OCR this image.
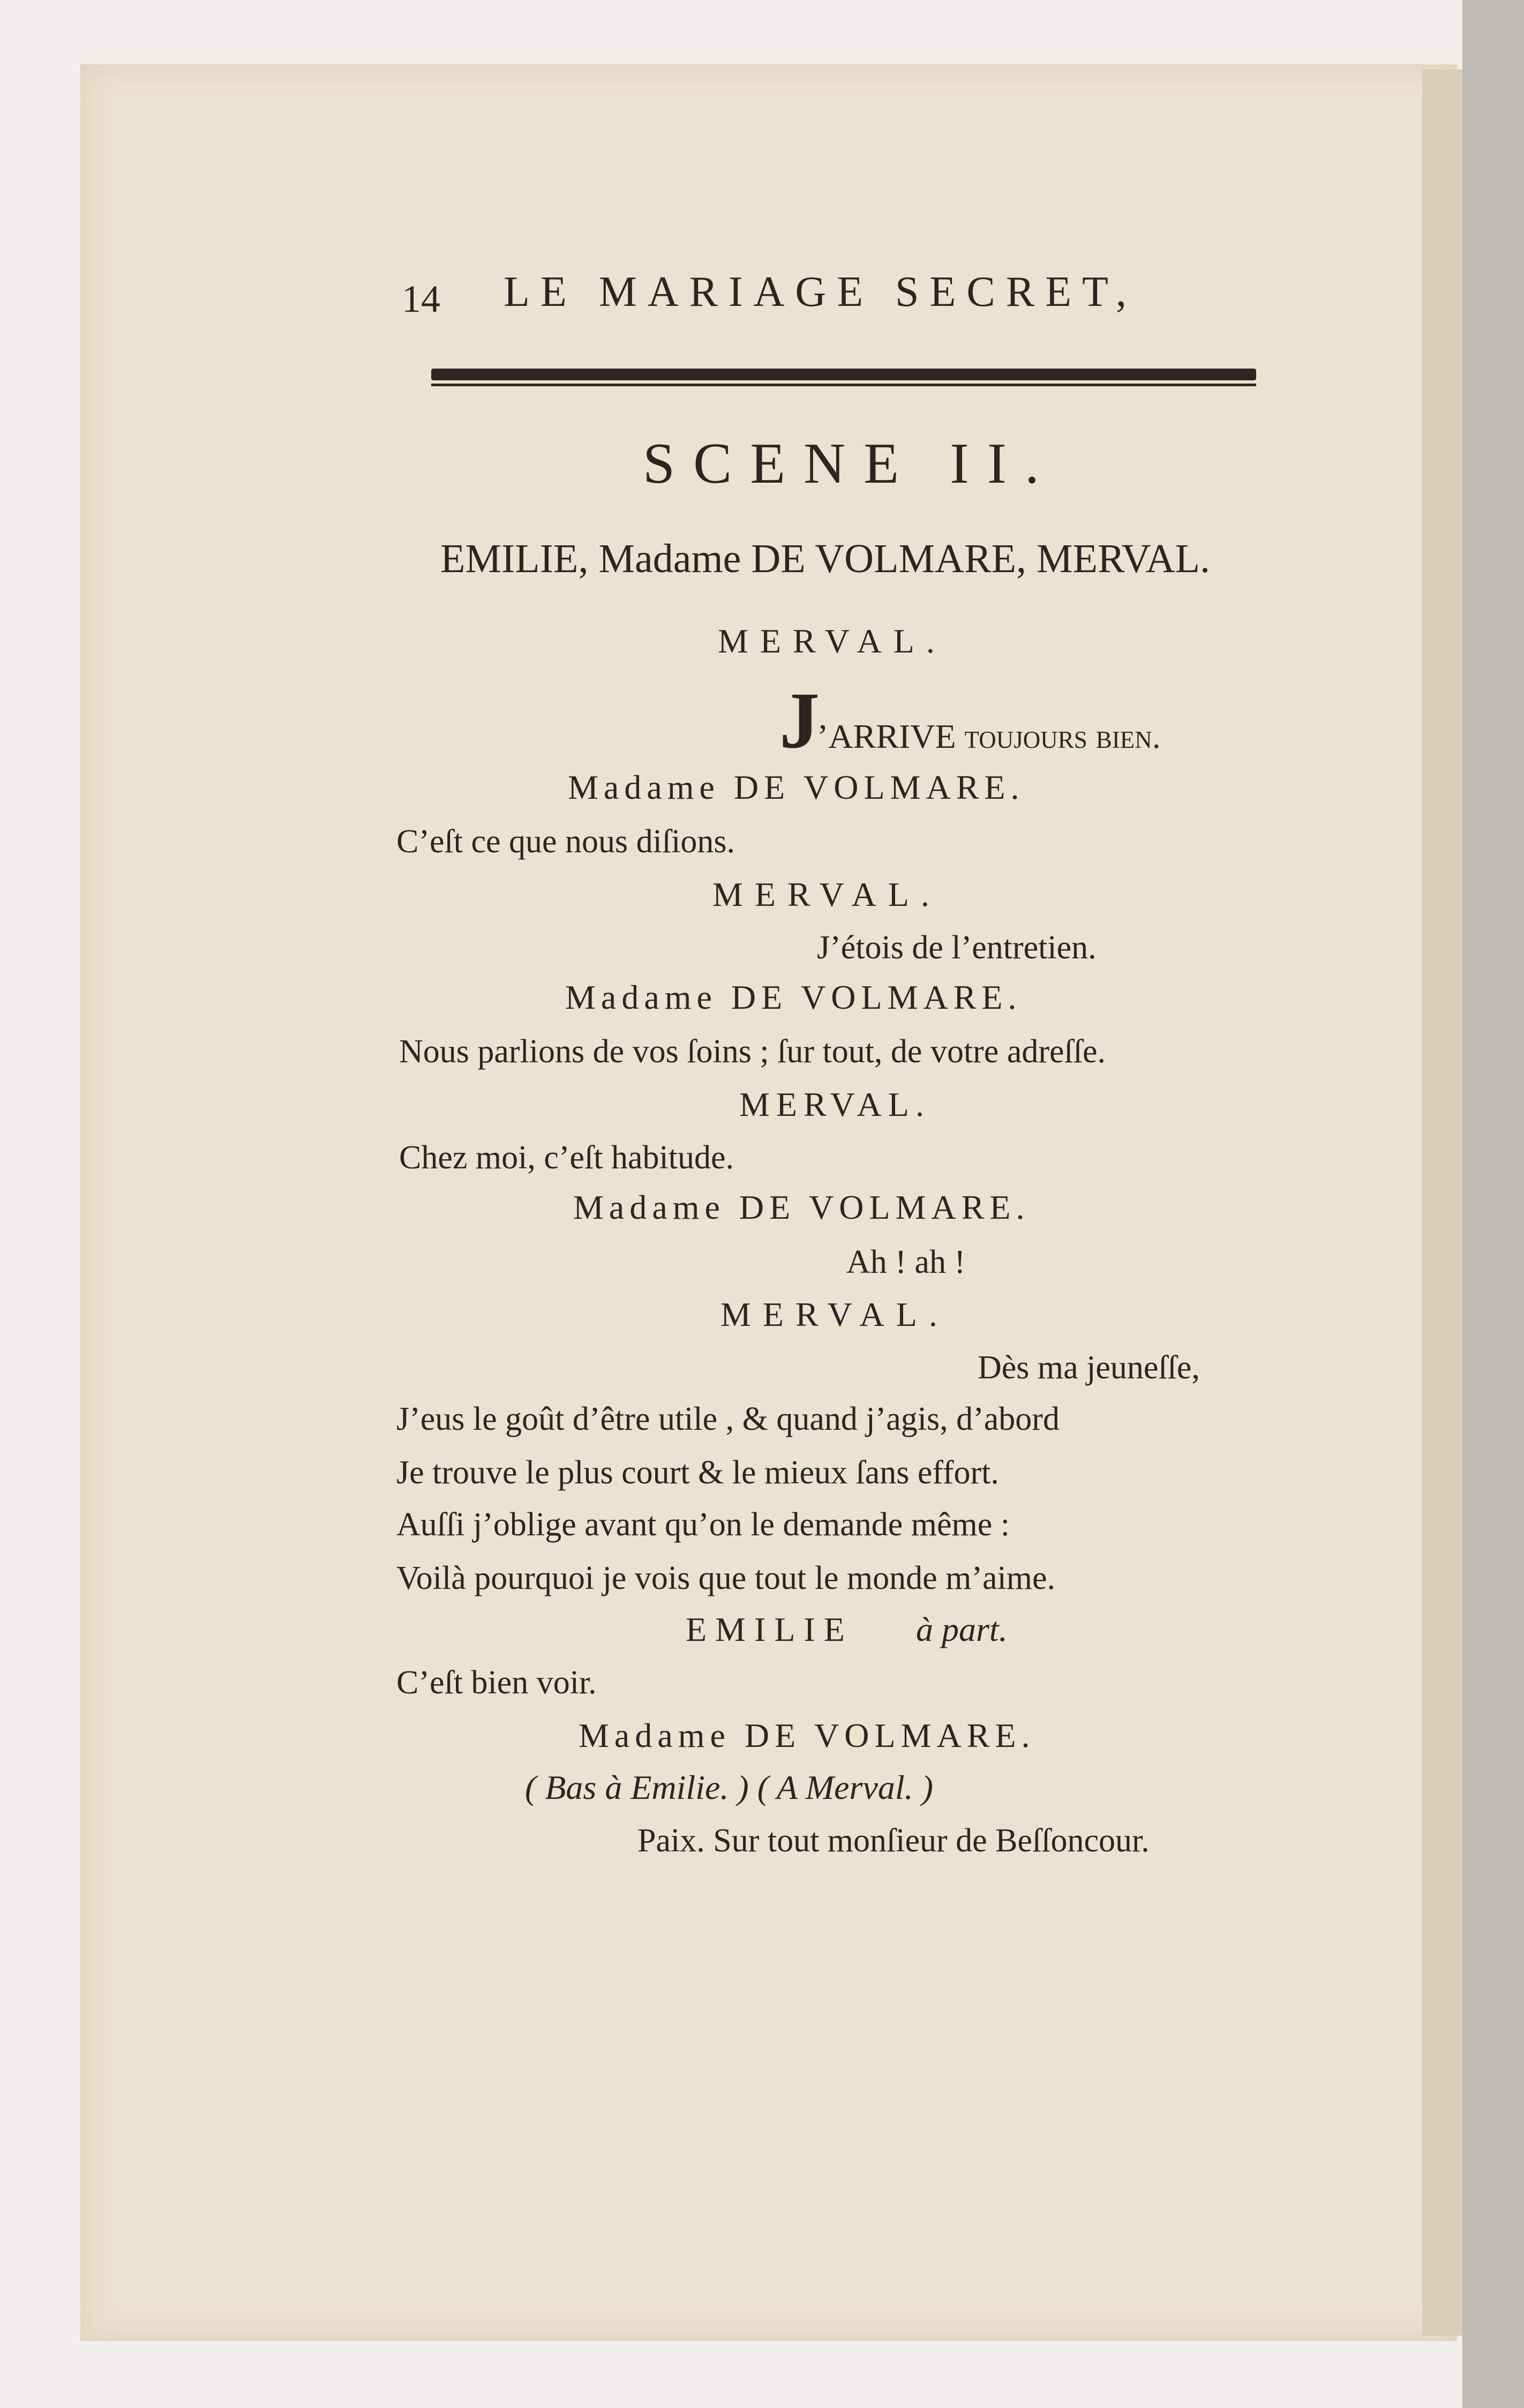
14 LE MARIAGE SECRET,
SCENE II.
EMILIE, Madame DE VOLMARE, MERVAL.
MERVAL.
J
’ARRIVE toujours bien.
Madame DE VOLMARE.
C’eſt ce que nous diſions.
MERVAL.
J’étois de l’entretien.
Madame DE VOLMARE.
Nous parlions de vos ſoins ; ſur tout, de votre adreſſe.
MERVAL.
Chez moi, c’eſt habitude.
Madame DE VOLMARE.
Ah ! ah !
MERVAL.
Dès ma jeuneſſe,
J’eus le goût d’être utile , & quand j’agis, d’abord
Je trouve le plus court & le mieux ſans effort.
Auſſi j’oblige avant qu’on le demande même :
Voilà pourquoi je vois que tout le monde m’aime.
EMILIE à part.
C’eſt bien voir.
Madame DE VOLMARE.
( Bas à Emilie. ) ( A Merval. )
Paix. Sur tout monſieur de Beſſoncour.
